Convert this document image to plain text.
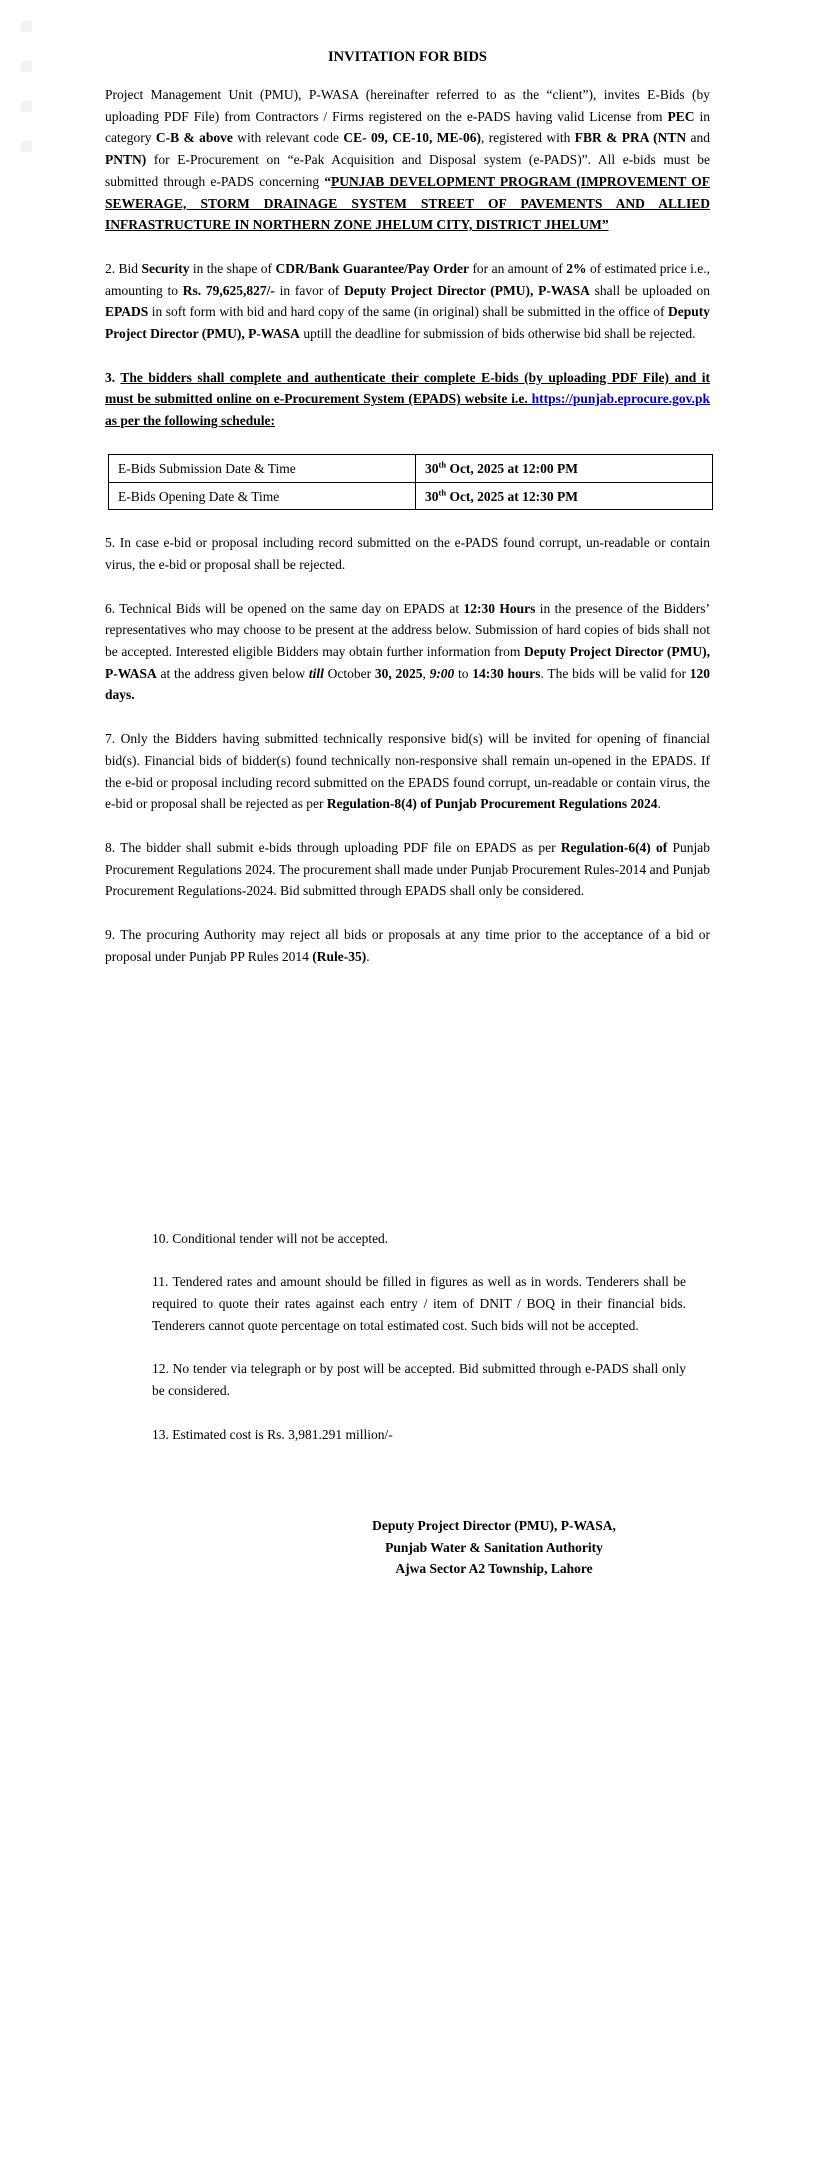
INVITATION FOR BIDS

Project Management Unit (PMU), P-WASA (hereinafter referred to as the “client”), invites E-Bids (by uploading PDF File) from Contractors / Firms registered on the e-PADS having valid License from PEC in category C-B & above with relevant code CE- 09, CE-10, ME-06), registered with FBR & PRA (NTN and PNTN) for E-Procurement on “e-Pak Acquisition and Disposal system (e-PADS)”. All e-bids must be submitted through e-PADS concerning “PUNJAB DEVELOPMENT PROGRAM (IMPROVEMENT OF SEWERAGE, STORM DRAINAGE SYSTEM STREET OF PAVEMENTS AND ALLIED INFRASTRUCTURE IN NORTHERN ZONE JHELUM CITY, DISTRICT JHELUM”

2. Bid Security in the shape of CDR/Bank Guarantee/Pay Order for an amount of 2% of estimated price i.e., amounting to Rs. 79,625,827/- in favor of Deputy Project Director (PMU), P-WASA shall be uploaded on EPADS in soft form with bid and hard copy of the same (in original) shall be submitted in the office of Deputy Project Director (PMU), P-WASA uptill the deadline for submission of bids otherwise bid shall be rejected.

3. The bidders shall complete and authenticate their complete E-bids (by uploading PDF File) and it must be submitted online on e-Procurement System (EPADS) website i.e. https://punjab.eprocure.gov.pk as per the following schedule:

E-Bids Submission Date & Time	30th Oct, 2025 at 12:00 PM
E-Bids Opening Date & Time	30th Oct, 2025 at 12:30 PM

5. In case e-bid or proposal including record submitted on the e-PADS found corrupt, un-readable or contain virus, the e-bid or proposal shall be rejected.

6. Technical Bids will be opened on the same day on EPADS at 12:30 Hours in the presence of the Bidders’ representatives who may choose to be present at the address below. Submission of hard copies of bids shall not be accepted. Interested eligible Bidders may obtain further information from Deputy Project Director (PMU), P-WASA at the address given below till October 30, 2025, 9:00 to 14:30 hours. The bids will be valid for 120 days.

7. Only the Bidders having submitted technically responsive bid(s) will be invited for opening of financial bid(s). Financial bids of bidder(s) found technically non-responsive shall remain un-opened in the EPADS. If the e-bid or proposal including record submitted on the EPADS found corrupt, un-readable or contain virus, the e-bid or proposal shall be rejected as per Regulation-8(4) of Punjab Procurement Regulations 2024.

8. The bidder shall submit e-bids through uploading PDF file on EPADS as per Regulation-6(4) of Punjab Procurement Regulations 2024. The procurement shall made under Punjab Procurement Rules-2014 and Punjab Procurement Regulations-2024. Bid submitted through EPADS shall only be considered.

9. The procuring Authority may reject all bids or proposals at any time prior to the acceptance of a bid or proposal under Punjab PP Rules 2014 (Rule-35).

10. Conditional tender will not be accepted.

11. Tendered rates and amount should be filled in figures as well as in words. Tenderers shall be required to quote their rates against each entry / item of DNIT / BOQ in their financial bids. Tenderers cannot quote percentage on total estimated cost. Such bids will not be accepted.

12. No tender via telegraph or by post will be accepted. Bid submitted through e-PADS shall only be considered.

13. Estimated cost is Rs. 3,981.291 million/-

Deputy Project Director (PMU), P-WASA,
Punjab Water & Sanitation Authority
Ajwa Sector A2 Township, Lahore
